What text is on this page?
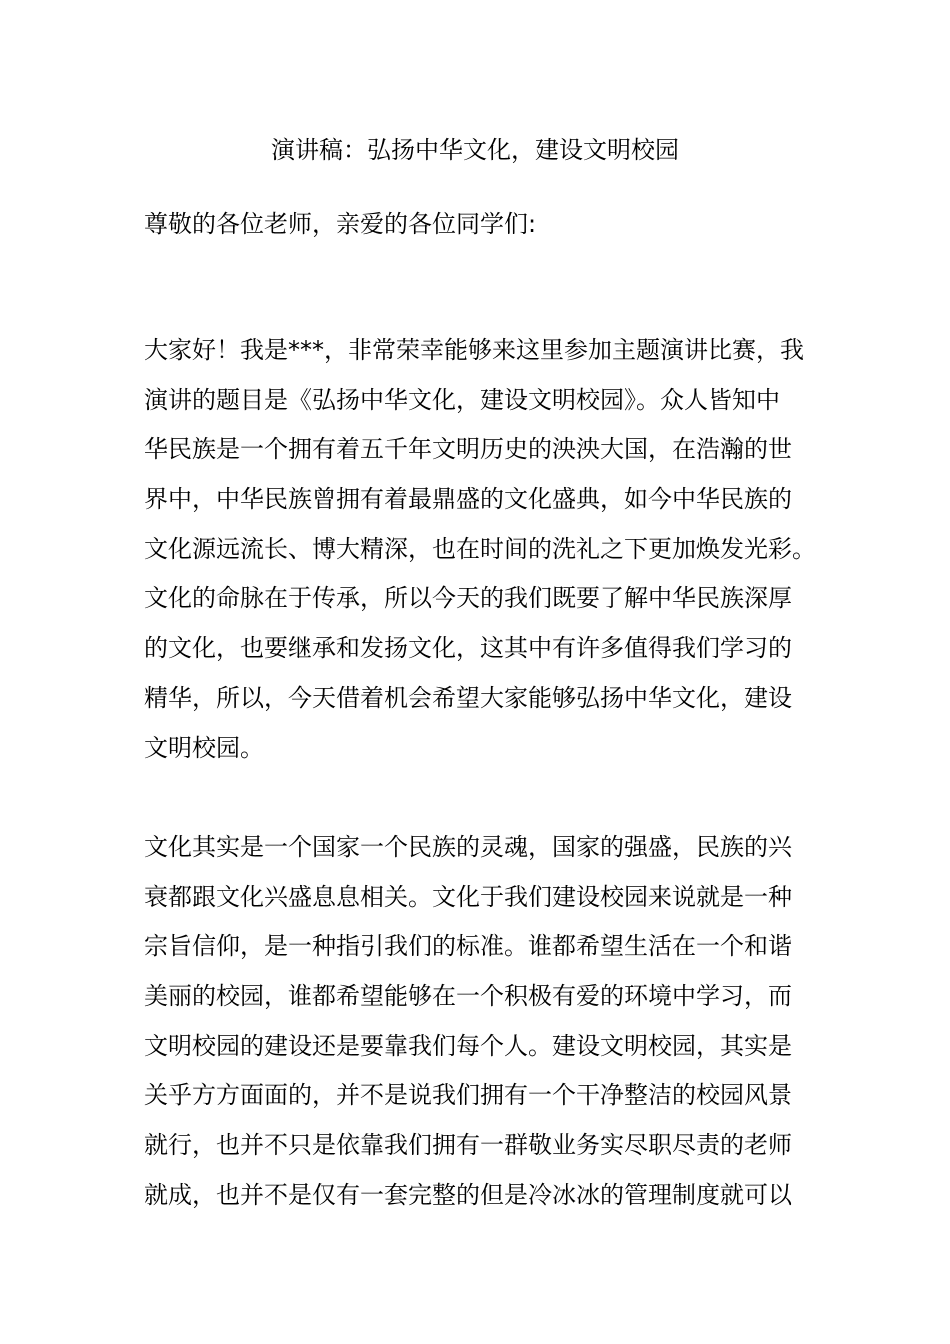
演讲稿：弘扬中华文化，建设文明校园
尊敬的各位老师，亲爱的各位同学们:
大家好！我是***，非常荣幸能够来这里参加主题演讲比赛，我
演讲的题目是《弘扬中华文化，建设文明校园》。众人皆知中
华民族是一个拥有着五千年文明历史的泱泱大国，在浩瀚的世
界中，中华民族曾拥有着最鼎盛的文化盛典，如今中华民族的
文化源远流长、博大精深，也在时间的洗礼之下更加焕发光彩。
文化的命脉在于传承，所以今天的我们既要了解中华民族深厚
的文化，也要继承和发扬文化，这其中有许多值得我们学习的
精华，所以，今天借着机会希望大家能够弘扬中华文化，建设
文明校园。
文化其实是一个国家一个民族的灵魂，国家的强盛，民族的兴
衰都跟文化兴盛息息相关。文化于我们建设校园来说就是一种
宗旨信仰，是一种指引我们的标准。谁都希望生活在一个和谐
美丽的校园，谁都希望能够在一个积极有爱的环境中学习，而
文明校园的建设还是要靠我们每个人。建设文明校园，其实是
关乎方方面面的，并不是说我们拥有一个干净整洁的校园风景
就行，也并不只是依靠我们拥有一群敬业务实尽职尽责的老师
就成，也并不是仅有一套完整的但是冷冰冰的管理制度就可以
